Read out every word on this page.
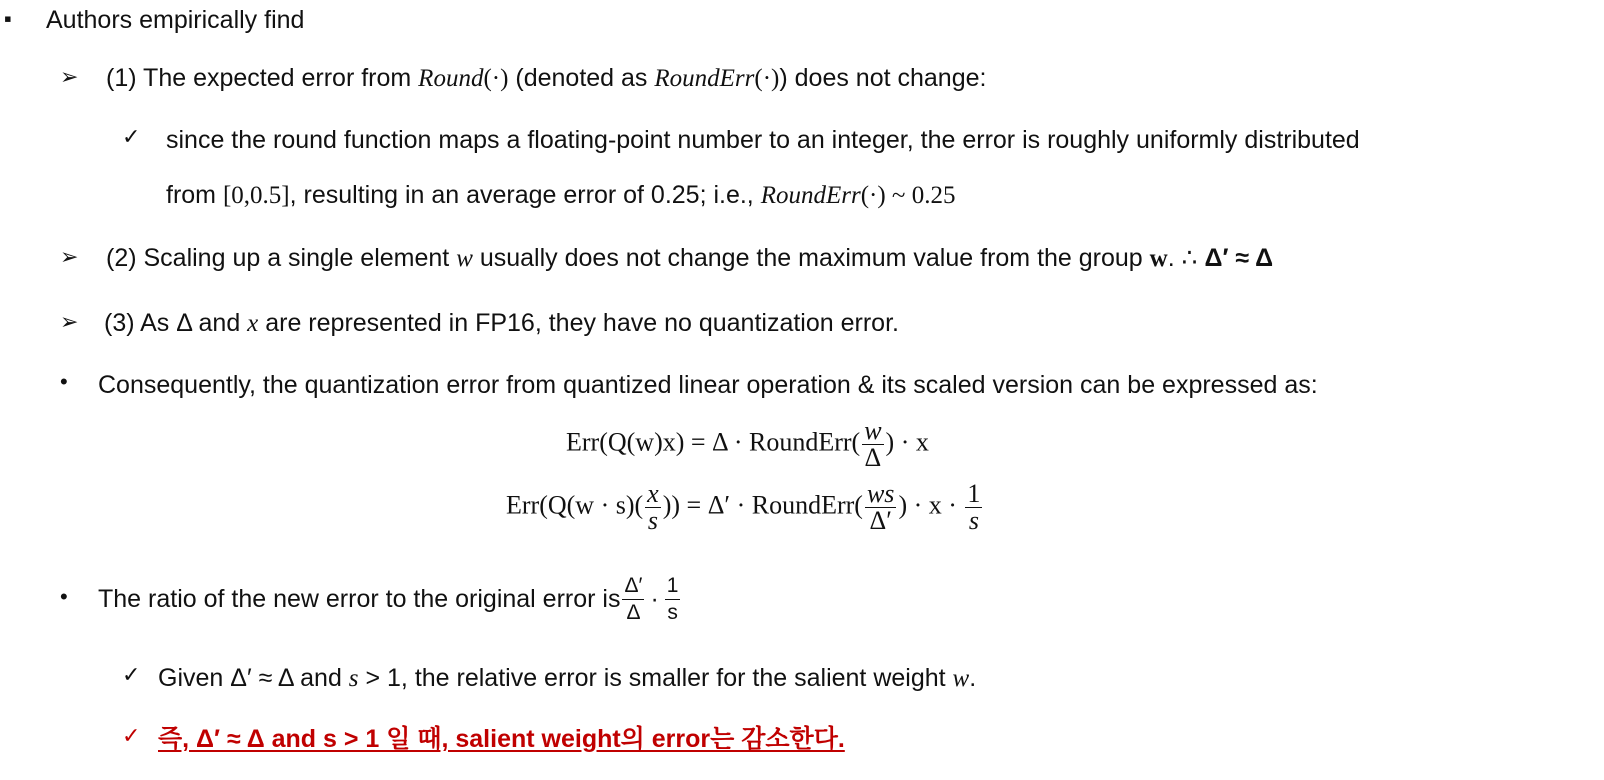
▪ Authors empirically find
➢ (1) The expected error from Round(·) (denoted as RoundErr(·)) does not change:
✓ since the round function maps a floating-point number to an integer, the error is roughly uniformly distributed
from [0,0.5], resulting in an average error of 0.25; i.e., RoundErr(·) ~ 0.25
➢ (2) Scaling up a single element w usually does not change the maximum value from the group w. ∴ Δ′ ≈ Δ
➢ (3) As Δ and x are represented in FP16, they have no quantization error.
• Consequently, the quantization error from quantized linear operation & its scaled version can be expressed as:
Err(Q(w)x) = Δ · RoundErr( $\frac{w}{\Delta}$ ) · x
$Err(Q(w \cdot s)( \frac{x}{s}$ )) = Δ′ · RoundErr( $\frac{ws}{\Delta'}$ ) · $x \cdot \frac{1}{s}$
• The ratio of the new error to the original error is $\frac{\Delta'}{\Delta} \cdot \frac{1}{s}$
✓ Given Δ′ ≈ Δ and s > 1, the relative error is smaller for the salient weight w.
✓ 즉, Δ′ ≈ Δ and s > 1 일 때, salient weight의 error는 감소한다.
